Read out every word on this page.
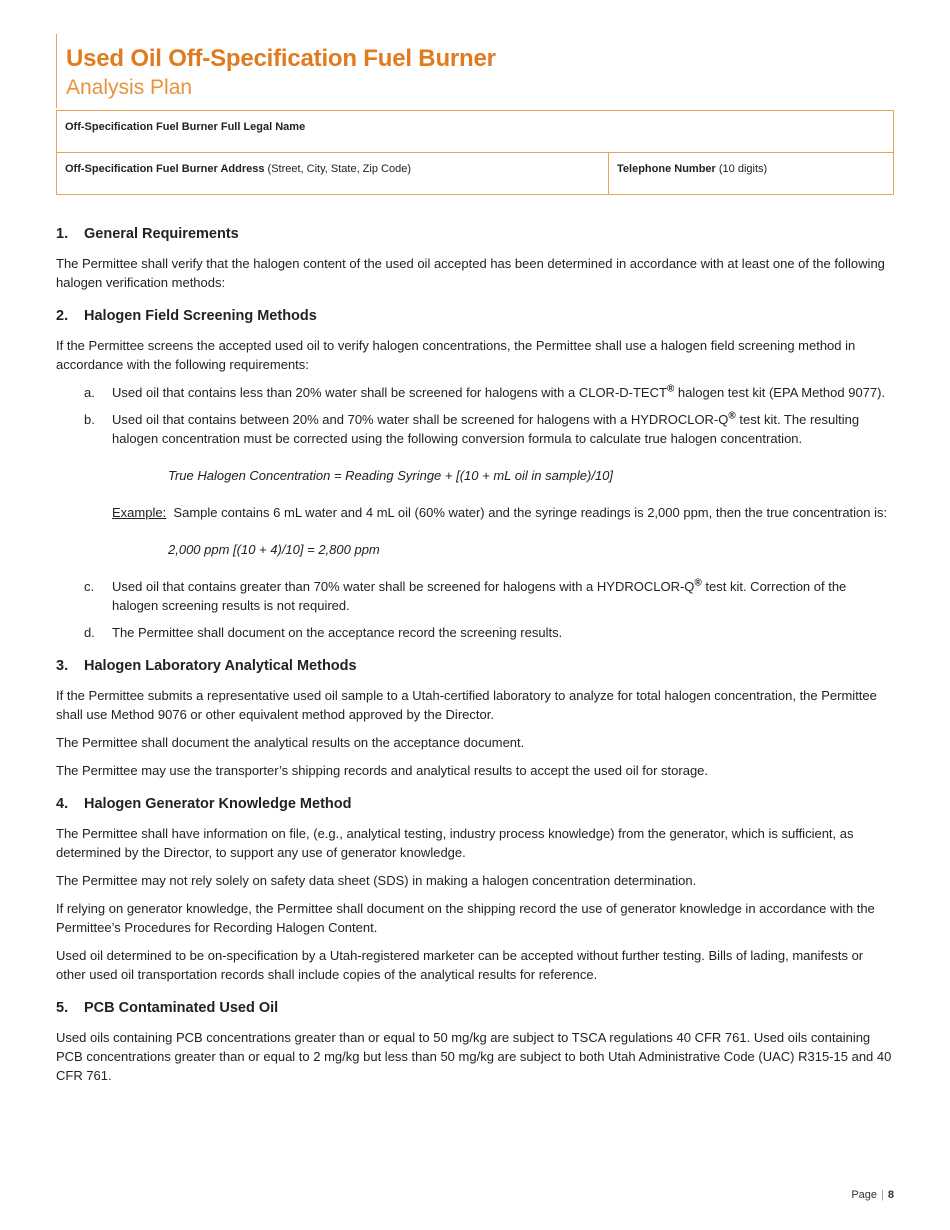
Used Oil Off-Specification Fuel Burner
Analysis Plan
Off-Specification Fuel Burner Full Legal Name
Off-Specification Fuel Burner Address (Street, City, State, Zip Code)	Telephone Number (10 digits)
1. General Requirements

The Permittee shall verify that the halogen content of the used oil accepted has been determined in accordance with at least one of the following halogen verification methods:

2. Halogen Field Screening Methods

If the Permittee screens the accepted used oil to verify halogen concentrations, the Permittee shall use a halogen field screening method in accordance with the following requirements:

a. Used oil that contains less than 20% water shall be screened for halogens with a CLOR-D-TECT® halogen test kit (EPA Method 9077).
b. Used oil that contains between 20% and 70% water shall be screened for halogens with a HYDROCLOR-Q® test kit. The resulting halogen concentration must be corrected using the following conversion formula to calculate true halogen concentration.
True Halogen Concentration = Reading Syringe + [(10 + mL oil in sample)/10]

Example:  Sample contains 6 mL water and 4 mL oil (60% water) and the syringe readings is 2,000 ppm, then the true concentration is:

2,000 ppm [(10 + 4)/10] = 2,800 ppm
c. Used oil that contains greater than 70% water shall be screened for halogens with a HYDROCLOR-Q® test kit. Correction of the halogen screening results is not required.
d. The Permittee shall document on the acceptance record the screening results.
3. Halogen Laboratory Analytical Methods

If the Permittee submits a representative used oil sample to a Utah-certified laboratory to analyze for total halogen concentration, the Permittee shall use Method 9076 or other equivalent method approved by the Director.

The Permittee shall document the analytical results on the acceptance document.

The Permittee may use the transporter’s shipping records and analytical results to accept the used oil for storage.

4. Halogen Generator Knowledge Method

The Permittee shall have information on file, (e.g., analytical testing, industry process knowledge) from the generator, which is sufficient, as determined by the Director, to support any use of generator knowledge.

The Permittee may not rely solely on safety data sheet (SDS) in making a halogen concentration determination.

If relying on generator knowledge, the Permittee shall document on the shipping record the use of generator knowledge in accordance with the Permittee’s Procedures for Recording Halogen Content.

Used oil determined to be on-specification by a Utah-registered marketer can be accepted without further testing. Bills of lading, manifests or other used oil transportation records shall include copies of the analytical results for reference.

5. PCB Contaminated Used Oil

Used oils containing PCB concentrations greater than or equal to 50 mg/kg are subject to TSCA regulations 40 CFR 761. Used oils containing PCB concentrations greater than or equal to 2 mg/kg but less than 50 mg/kg are subject to both Utah Administrative Code (UAC) R315-15 and 40 CFR 761.

Page | 8
